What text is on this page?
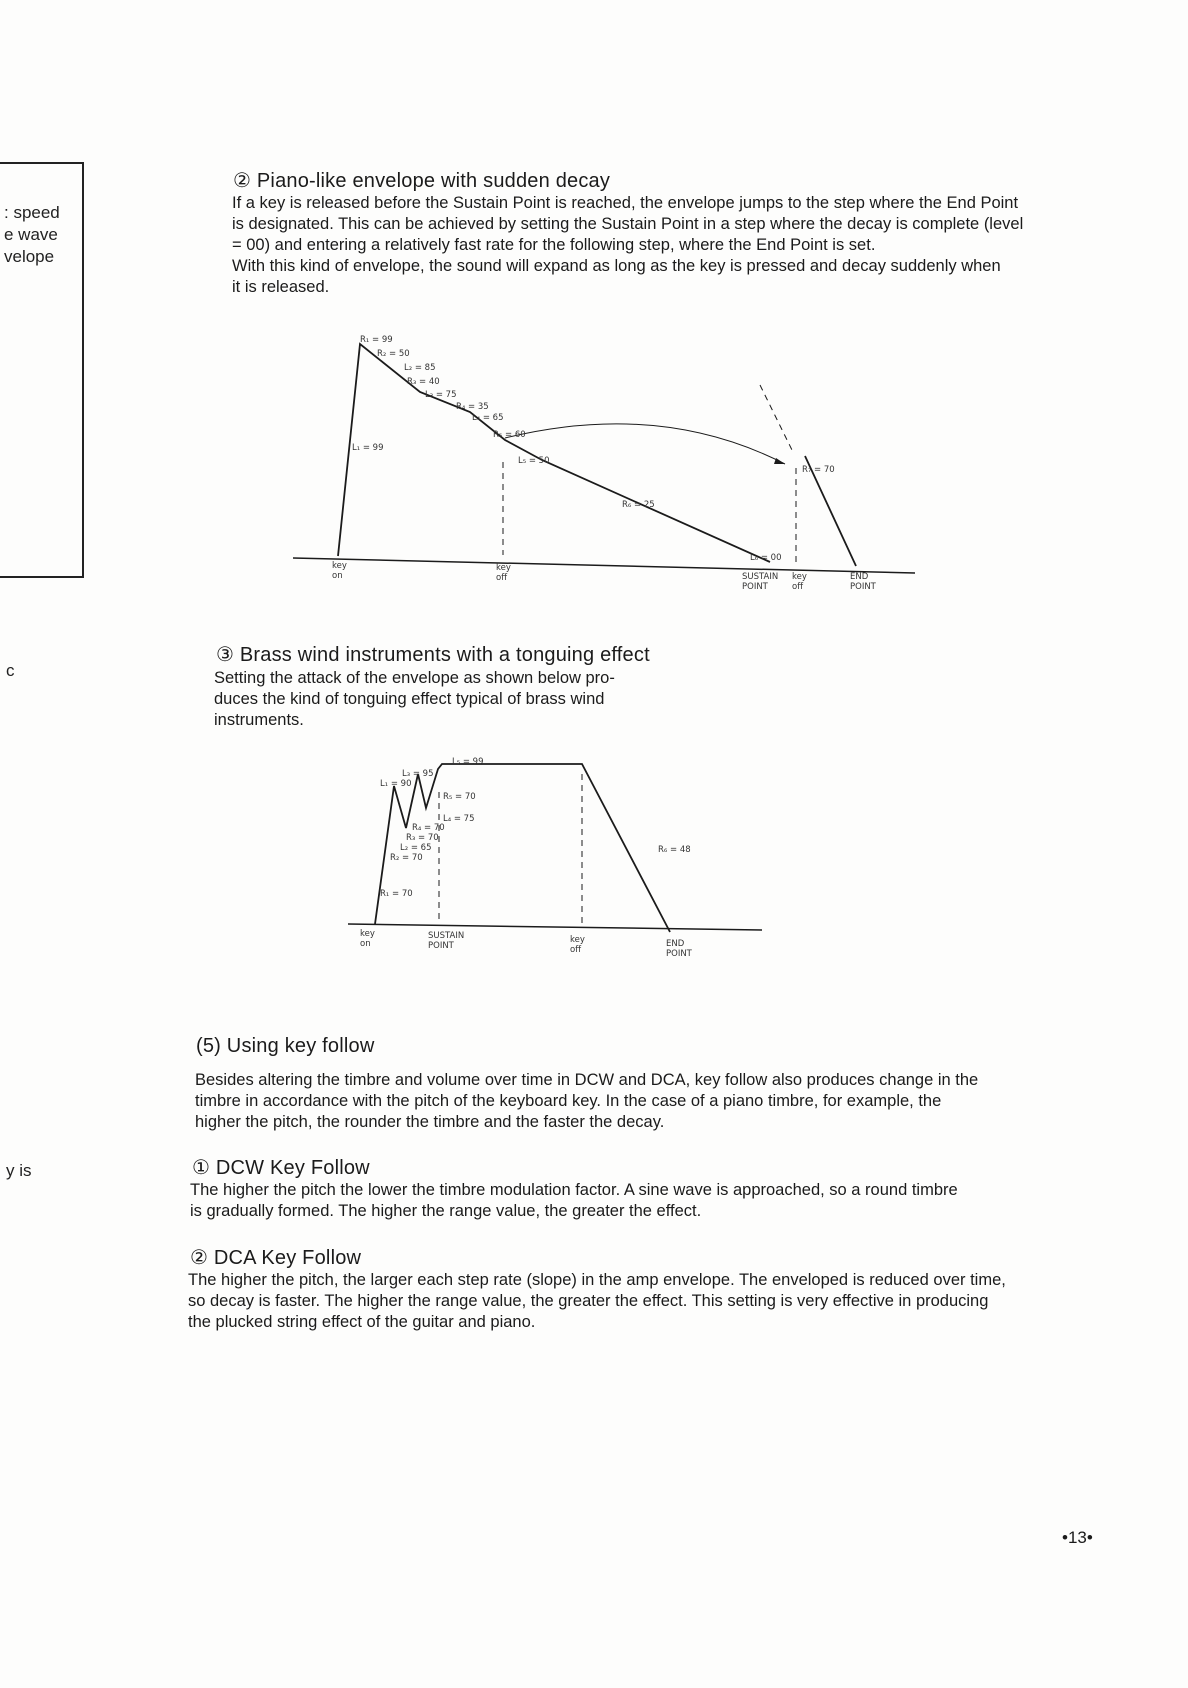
: speed
e wave
velope
c
y is
② Piano-like envelope with sudden decay
If a key is released before the Sustain Point is reached, the envelope jumps to the step where the End Point
is designated. This can be achieved by setting the Sustain Point in a step where the decay is complete (level
= 00) and entering a relatively fast rate for the following step, where the End Point is set.
With this kind of envelope, the sound will expand as long as the key is pressed and decay suddenly when
it is released.
R₁ = 99
R₂ = 50
L₂ = 85
R₃ = 40
L₃ = 75
R₄ = 35
L₄ = 65
R₅ = 60
L₁ = 99
L₅ = 50
R₆ = 25
R₇ = 70
L₆ = 00
key
on
key
off	SUSTAIN
POINT
key
off
END
POINT
③ Brass wind instruments with a tonguing effect
Setting the attack of the envelope as shown below pro-
duces the kind of tonguing effect typical of brass wind
instruments.
L₅ = 99
L₃ = 95
L₁ = 90
R₅ = 70
L₄ = 75
R₄ = 70
R₃ = 70
L₂ = 65
R₂ = 70
R₆ = 48
R₁ = 70
key
on
SUSTAIN
POINT
key
off
END
POINT
(5) Using key follow
Besides altering the timbre and volume over time in DCW and DCA, key follow also produces change in the
timbre in accordance with the pitch of the keyboard key. In the case of a piano timbre, for example, the
higher the pitch, the rounder the timbre and the faster the decay.
① DCW Key Follow
The higher the pitch the lower the timbre modulation factor. A sine wave is approached, so a round timbre
is gradually formed. The higher the range value, the greater the effect.
② DCA Key Follow
The higher the pitch, the larger each step rate (slope) in the amp envelope. The enveloped is reduced over time,
so decay is faster. The higher the range value, the greater the effect. This setting is very effective in producing
the plucked string effect of the guitar and piano.
•13•
